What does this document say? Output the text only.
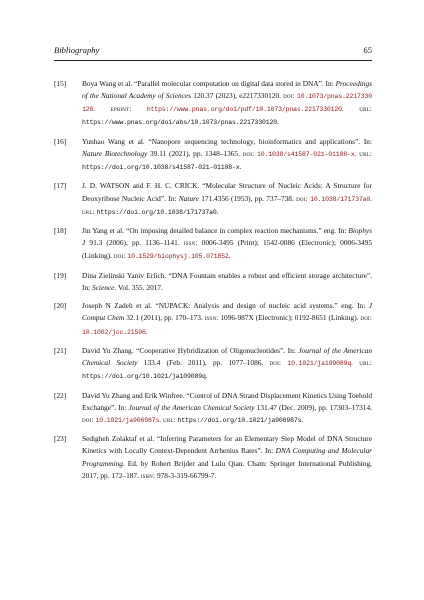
Bibliography	65
[15]	Boya Wang et al. “Parallel molecular computation on digital data stored in DNA”. In: Proceedings of the National Academy of Sciences 120.37 (2023), e2217330120. doi: 10.1073/pnas.2217330120. eprint: https://www.pnas.org/doi/pdf/10.1073/pnas.2217330120. url: https://www.pnas.org/doi/abs/10.1073/pnas.2217330120.
[16]	Yunhao Wang et al. “Nanopore sequencing technology, bioinformatics and applications”. In: Nature Biotechnology 39.11 (2021), pp. 1348–1365. doi: 10.1038/s41587-021-01108-x. url: https://doi.org/10.1038/s41587-021-01108-x.
[17]	J. D. WATSON and F. H. C. CRICK. “Molecular Structure of Nucleic Acids: A Structure for Deoxyribose Nucleic Acid”. In: Nature 171.4356 (1953), pp. 737–738. doi: 10.1038/171737a0. url: https://doi.org/10.1038/171737a0.
[18]	Jin Yang et al. “On imposing detailed balance in complex reaction mechanisms.” eng. In: Biophys J 91.3 (2006), pp. 1136–1141. issn: 0006-3495 (Print); 1542-0086 (Electronic); 0006-3495 (Linking). doi: 10.1529/biophysj.105.071852.
[19]	Dina Zielinski Yaniv Erlich. “DNA Fountain enables a robust and efficient storage architecture”. In: Science. Vol. 355. 2017.
[20]	Joseph N Zadeh et al. “NUPACK: Analysis and design of nucleic acid systems.” eng. In: J Comput Chem 32.1 (2011), pp. 170–173. issn: 1096-987X (Electronic); 0192-8651 (Linking). doi: 10.1002/jcc.21596.
[21]	David Yu Zhang. “Cooperative Hybridization of Oligonucleotides”. In: Journal of the American Chemical Society 133.4 (Feb. 2011), pp. 1077–1086. doi: 10.1021/ja109089q. url: https://doi.org/10.1021/ja109089q.
[22]	David Yu Zhang and Erik Winfree. “Control of DNA Strand Displacement Kinetics Using Toehold Exchange”. In: Journal of the American Chemical Society 131.47 (Dec. 2009), pp. 17303–17314. doi: 10.1021/ja906987s. url: https://doi.org/10.1021/ja906987s.
[23]	Sedigheh Zolaktaf et al. “Inferring Parameters for an Elementary Step Model of DNA Structure Kinetics with Locally Context-Dependent Arrhenius Rates”. In: DNA Computing and Molecular Programming. Ed. by Robert Brijder and Lulu Qian. Cham: Springer International Publishing, 2017, pp. 172–187. isbn: 978-3-319-66799-7.
